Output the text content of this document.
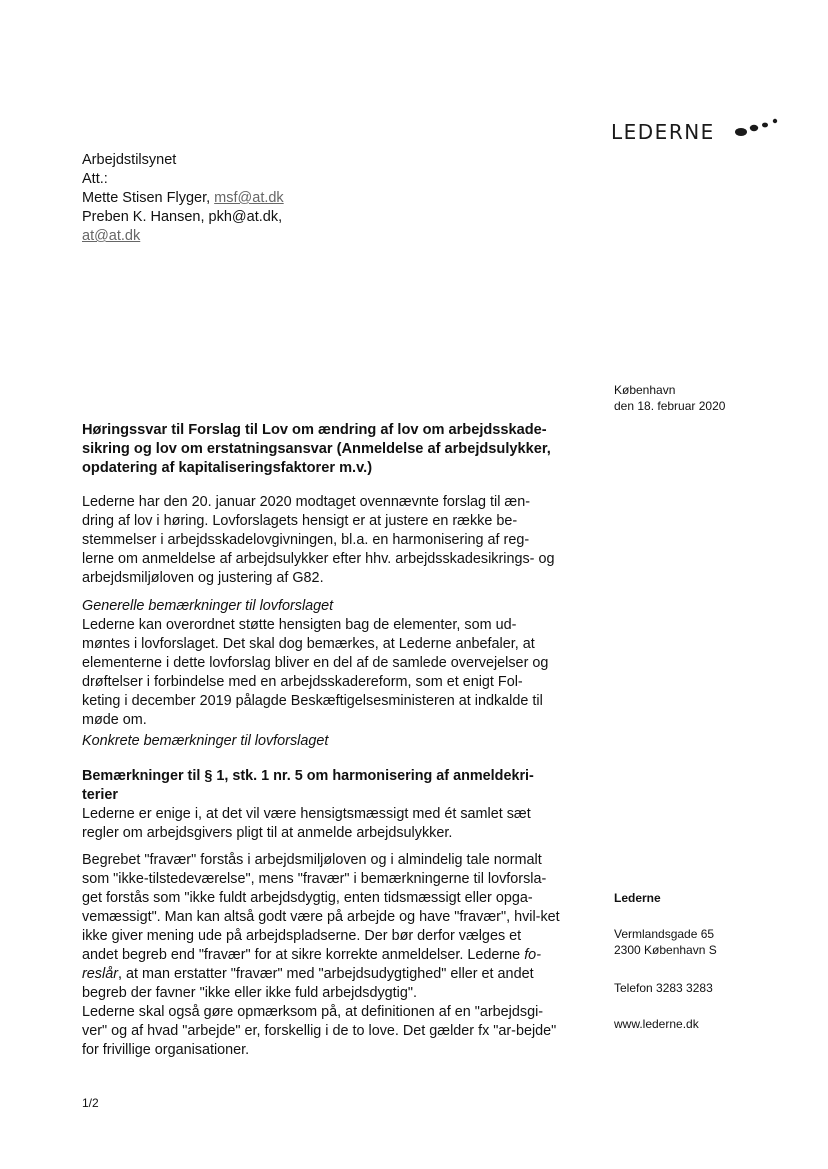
LEDERNE
Arbejdstilsynet
Att.:
Mette Stisen Flyger, msf@at.dk
Preben K. Hansen, pkh@at.dk,
at@at.dk
København
den 18. februar 2020
Høringssvar til Forslag til Lov om ændring af lov om arbejdsskade-sikring og lov om erstatningsansvar (Anmeldelse af arbejdsulykker, opdatering af kapitaliseringsfaktorer m.v.)
Lederne har den 20. januar 2020 modtaget ovennævnte forslag til æn-dring af lov i høring. Lovforslagets hensigt er at justere en række be-stemmelser i arbejdsskadelovgivningen, bl.a. en harmonisering af reg-lerne om anmeldelse af arbejdsulykker efter hhv. arbejdsskadesikrings- og arbejdsmiljøloven og justering af G82.
Generelle bemærkninger til lovforslaget
Lederne kan overordnet støtte hensigten bag de elementer, som ud-møntes i lovforslaget. Det skal dog bemærkes, at Lederne anbefaler, at elementerne i dette lovforslag bliver en del af de samlede overvejelser og drøftelser i forbindelse med en arbejdsskadereform, som et enigt Fol-keting i december 2019 pålagde Beskæftigelsesministeren at indkalde til møde om.
Konkrete bemærkninger til lovforslaget
Bemærkninger til § 1, stk. 1 nr. 5 om harmonisering af anmeldekri-terier
Lederne er enige i, at det vil være hensigtsmæssigt med ét samlet sæt regler om arbejdsgivers pligt til at anmelde arbejdsulykker.
Begrebet "fravær" forstås i arbejdsmiljøloven og i almindelig tale normalt som "ikke-tilstedeværelse", mens "fravær" i bemærkningerne til lovforsla-get forstås som "ikke fuldt arbejdsdygtig, enten tidsmæssigt eller opga-vemæssigt". Man kan altså godt være på arbejde og have "fravær", hvil-ket ikke giver mening ude på arbejdspladserne. Der bør derfor vælges et andet begreb end "fravær" for at sikre korrekte anmeldelser. Lederne fo-reslår, at man erstatter "fravær" med "arbejdsudygtighed" eller et andet begreb der favner "ikke eller ikke fuld arbejdsdygtig".
Lederne skal også gøre opmærksom på, at definitionen af en "arbejdsgi-ver" og af hvad "arbejde" er, forskellig i de to love. Det gælder fx "ar-bejde" for frivillige organisationer.
Lederne
Vermlandsgade 65
2300 København S
Telefon 3283 3283
www.lederne.dk
1/2
